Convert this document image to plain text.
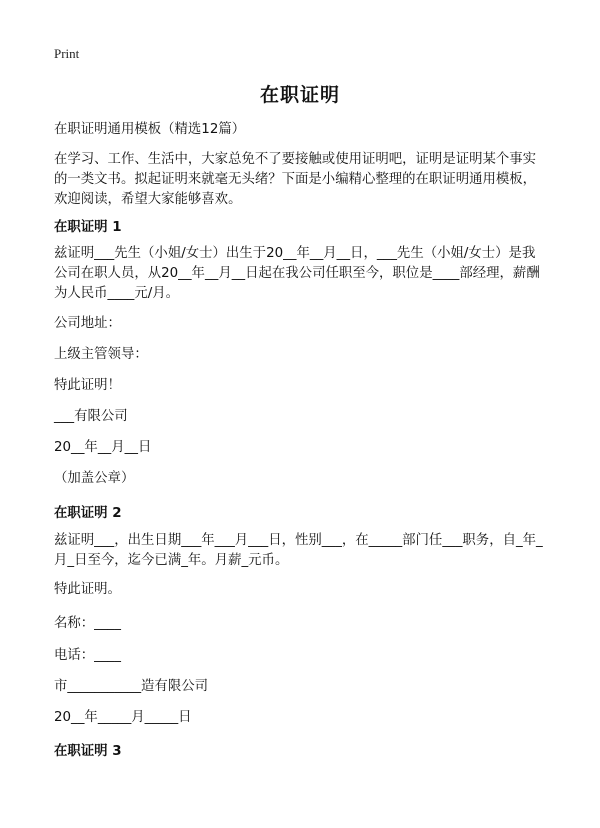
Print
在职证明

在职证明通用模板（精选12篇）

在学习、工作、生活中，大家总免不了要接触或使用证明吧，证明是证明某个事实的一类文书。拟起证明来就毫无头绪？下面是小编精心整理的在职证明通用模板，欢迎阅读，希望大家能够喜欢。

在职证明 1

兹证明___先生（小姐/女士）出生于20__年__月__日，___先生（小姐/女士）是我公司在职人员，从20__年__月__日起在我公司任职至今，职位是____部经理，薪酬为人民币____元/月。

公司地址：

上级主管领导：

特此证明！

___有限公司

20__年__月__日

（加盖公章）

在职证明 2

兹证明___，出生日期___年___月___日，性别___，在_____部门任___职务，自_年_月_日至今，迄今已满_年。月薪_元币。

特此证明。

名称：____

电话：____

市___________造有限公司

20__年_____月_____日

在职证明 3
